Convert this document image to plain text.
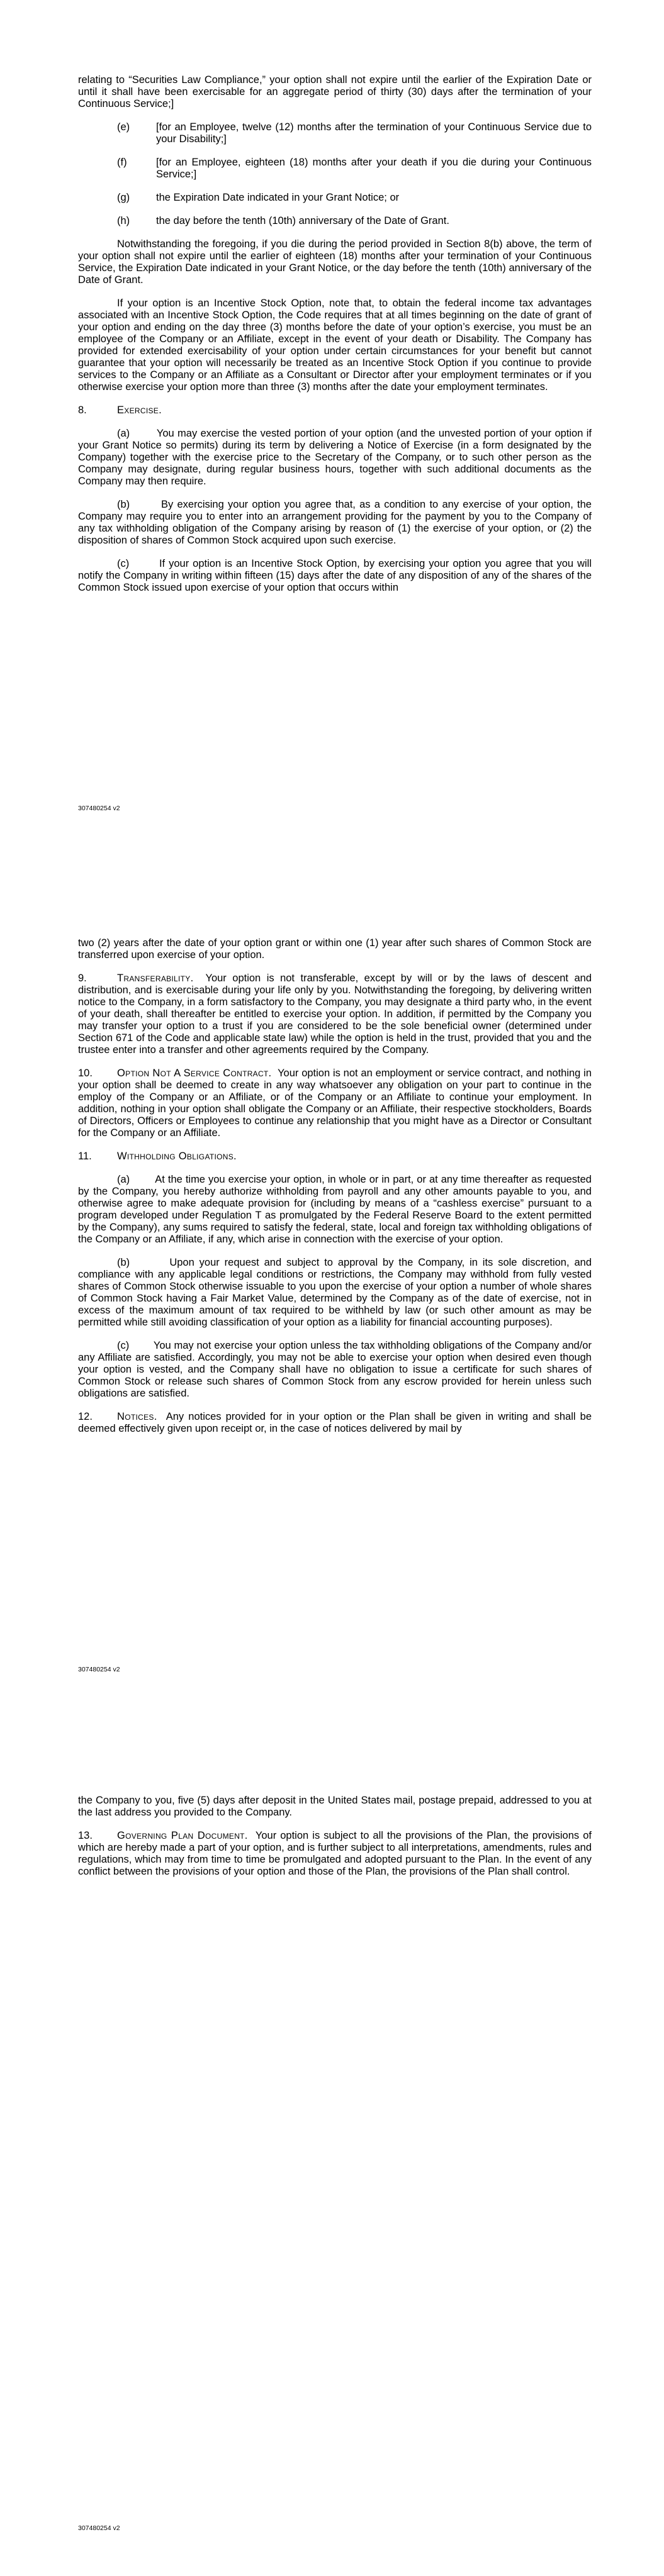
relating to “Securities Law Compliance,” your option shall not expire until the earlier of the Expiration Date or until it shall have been exercisable for an aggregate period of thirty (30) days after the termination of your Continuous Service;]

(e)	[for an Employee, twelve (12) months after the termination of your Continuous Service due to your Disability;]
(f)	[for an Employee, eighteen (18) months after your death if you die during your Continuous Service;]
(g)	the Expiration Date indicated in your Grant Notice; or
(h)	the day before the tenth (10th) anniversary of the Date of Grant.

Notwithstanding the foregoing, if you die during the period provided in Section 8(b) above, the term of your option shall not expire until the earlier of eighteen (18) months after your termination of your Continuous Service, the Expiration Date indicated in your Grant Notice, or the day before the tenth (10th) anniversary of the Date of Grant.

If your option is an Incentive Stock Option, note that, to obtain the federal income tax advantages associated with an Incentive Stock Option, the Code requires that at all times beginning on the date of grant of your option and ending on the day three (3) months before the date of your option’s exercise, you must be an employee of the Company or an Affiliate, except in the event of your death or Disability. The Company has provided for extended exercisability of your option under certain circumstances for your benefit but cannot guarantee that your option will necessarily be treated as an Incentive Stock Option if you continue to provide services to the Company or an Affiliate as a Consultant or Director after your employment terminates or if you otherwise exercise your option more than three (3) months after the date your employment terminates.

8.	Exercise.

(a)	You may exercise the vested portion of your option (and the unvested portion of your option if your Grant Notice so permits) during its term by delivering a Notice of Exercise (in a form designated by the Company) together with the exercise price to the Secretary of the Company, or to such other person as the Company may designate, during regular business hours, together with such additional documents as the Company may then require.

(b)	By exercising your option you agree that, as a condition to any exercise of your option, the Company may require you to enter into an arrangement providing for the payment by you to the Company of any tax withholding obligation of the Company arising by reason of (1) the exercise of your option, or (2) the disposition of shares of Common Stock acquired upon such exercise.

(c)	If your option is an Incentive Stock Option, by exercising your option you agree that you will notify the Company in writing within fifteen (15) days after the date of any disposition of any of the shares of the Common Stock issued upon exercise of your option that occurs within

307480254 v2

two (2) years after the date of your option grant or within one (1) year after such shares of Common Stock are transferred upon exercise of your option.

9.	Transferability. Your option is not transferable, except by will or by the laws of descent and distribution, and is exercisable during your life only by you. Notwithstanding the foregoing, by delivering written notice to the Company, in a form satisfactory to the Company, you may designate a third party who, in the event of your death, shall thereafter be entitled to exercise your option. In addition, if permitted by the Company you may transfer your option to a trust if you are considered to be the sole beneficial owner (determined under Section 671 of the Code and applicable state law) while the option is held in the trust, provided that you and the trustee enter into a transfer and other agreements required by the Company.

10. Option Not A Service Contract. Your option is not an employment or service contract, and nothing in your option shall be deemed to create in any way whatsoever any obligation on your part to continue in the employ of the Company or an Affiliate, or of the Company or an Affiliate to continue your employment. In addition, nothing in your option shall obligate the Company or an Affiliate, their respective stockholders, Boards of Directors, Officers or Employees to continue any relationship that you might have as a Director or Consultant for the Company or an Affiliate.

11. Withholding Obligations.

(a) At the time you exercise your option, in whole or in part, or at any time thereafter as requested by the Company, you hereby authorize withholding from payroll and any other amounts payable to you, and otherwise agree to make adequate provision for (including by means of a “cashless exercise” pursuant to a program developed under Regulation T as promulgated by the Federal Reserve Board to the extent permitted by the Company), any sums required to satisfy the federal, state, local and foreign tax withholding obligations of the Company or an Affiliate, if any, which arise in connection with the exercise of your option.

(b)	Upon your request and subject to approval by the Company, in its sole discretion, and compliance with any applicable legal conditions or restrictions, the Company may withhold from fully vested shares of Common Stock otherwise issuable to you upon the exercise of your option a number of whole shares of Common Stock having a Fair Market Value, determined by the Company as of the date of exercise, not in excess of the maximum amount of tax required to be withheld by law (or such other amount as may be permitted while still avoiding classification of your option as a liability for financial accounting purposes).

(c) You may not exercise your option unless the tax withholding obligations of the Company and/or any Affiliate are satisfied. Accordingly, you may not be able to exercise your option when desired even though your option is vested, and the Company shall have no obligation to issue a certificate for such shares of Common Stock or release such shares of Common Stock from any escrow provided for herein unless such obligations are satisfied.

12. Notices. Any notices provided for in your option or the Plan shall be given in writing and shall be deemed effectively given upon receipt or, in the case of notices delivered by mail by

307480254 v2

the Company to you, five (5) days after deposit in the United States mail, postage prepaid, addressed to you at the last address you provided to the Company.

13. Governing Plan Document. Your option is subject to all the provisions of the Plan, the provisions of which are hereby made a part of your option, and is further subject to all interpretations, amendments, rules and regulations, which may from time to time be promulgated and adopted pursuant to the Plan. In the event of any conflict between the provisions of your option and those of the Plan, the provisions of the Plan shall control.

307480254 v2
